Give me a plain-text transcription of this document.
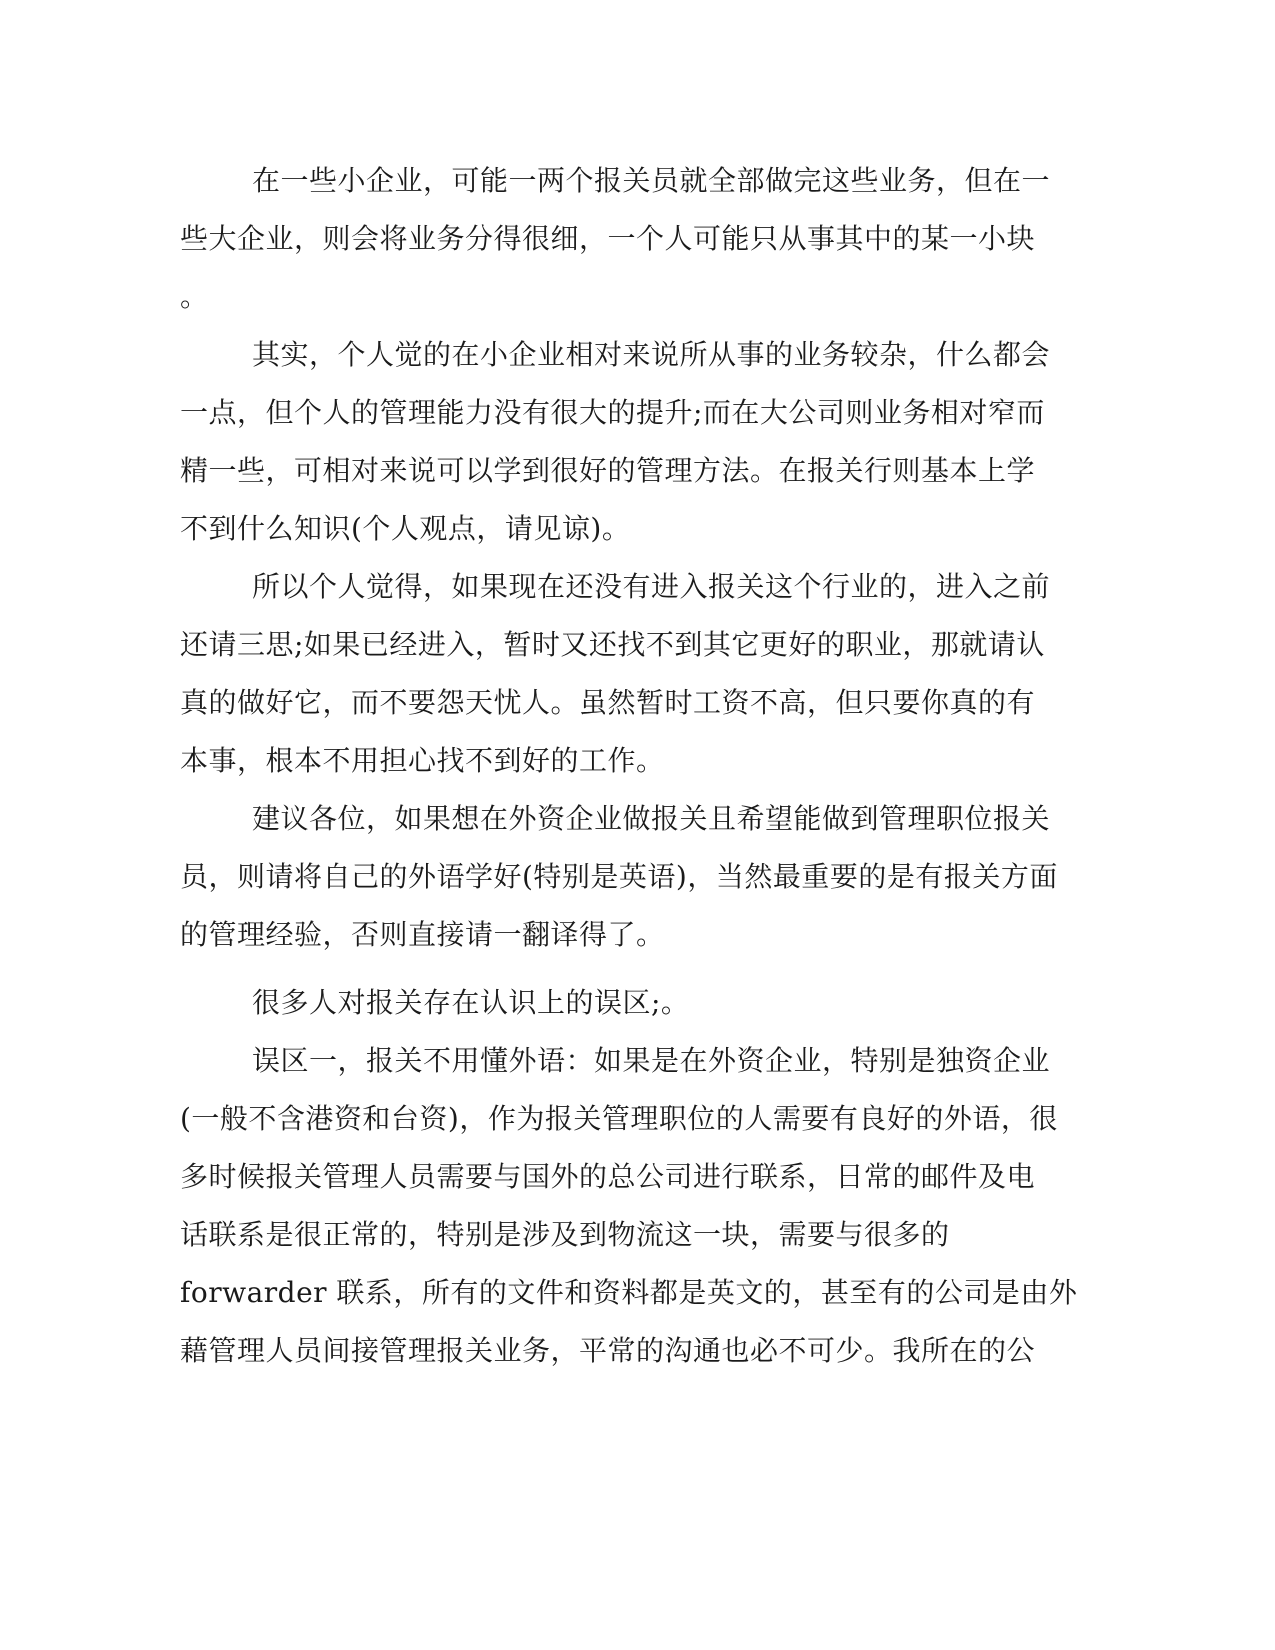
在一些小企业，可能一两个报关员就全部做完这些业务，但在一
些大企业，则会将业务分得很细，一个人可能只从事其中的某一小块
。
其实，个人觉的在小企业相对来说所从事的业务较杂，什么都会
一点，但个人的管理能力没有很大的提升;而在大公司则业务相对窄而
精一些，可相对来说可以学到很好的管理方法。在报关行则基本上学
不到什么知识(个人观点，请见谅)。
所以个人觉得，如果现在还没有进入报关这个行业的，进入之前
还请三思;如果已经进入，暂时又还找不到其它更好的职业，那就请认
真的做好它，而不要怨天忧人。虽然暂时工资不高，但只要你真的有
本事，根本不用担心找不到好的工作。
建议各位，如果想在外资企业做报关且希望能做到管理职位报关
员，则请将自己的外语学好(特别是英语)，当然最重要的是有报关方面
的管理经验，否则直接请一翻译得了。
很多人对报关存在认识上的误区;。
误区一，报关不用懂外语：如果是在外资企业，特别是独资企业
(一般不含港资和台资)，作为报关管理职位的人需要有良好的外语，很
多时候报关管理人员需要与国外的总公司进行联系，日常的邮件及电
话联系是很正常的，特别是涉及到物流这一块，需要与很多的
forwarder 联系，所有的文件和资料都是英文的，甚至有的公司是由外
藉管理人员间接管理报关业务，平常的沟通也必不可少。我所在的公
